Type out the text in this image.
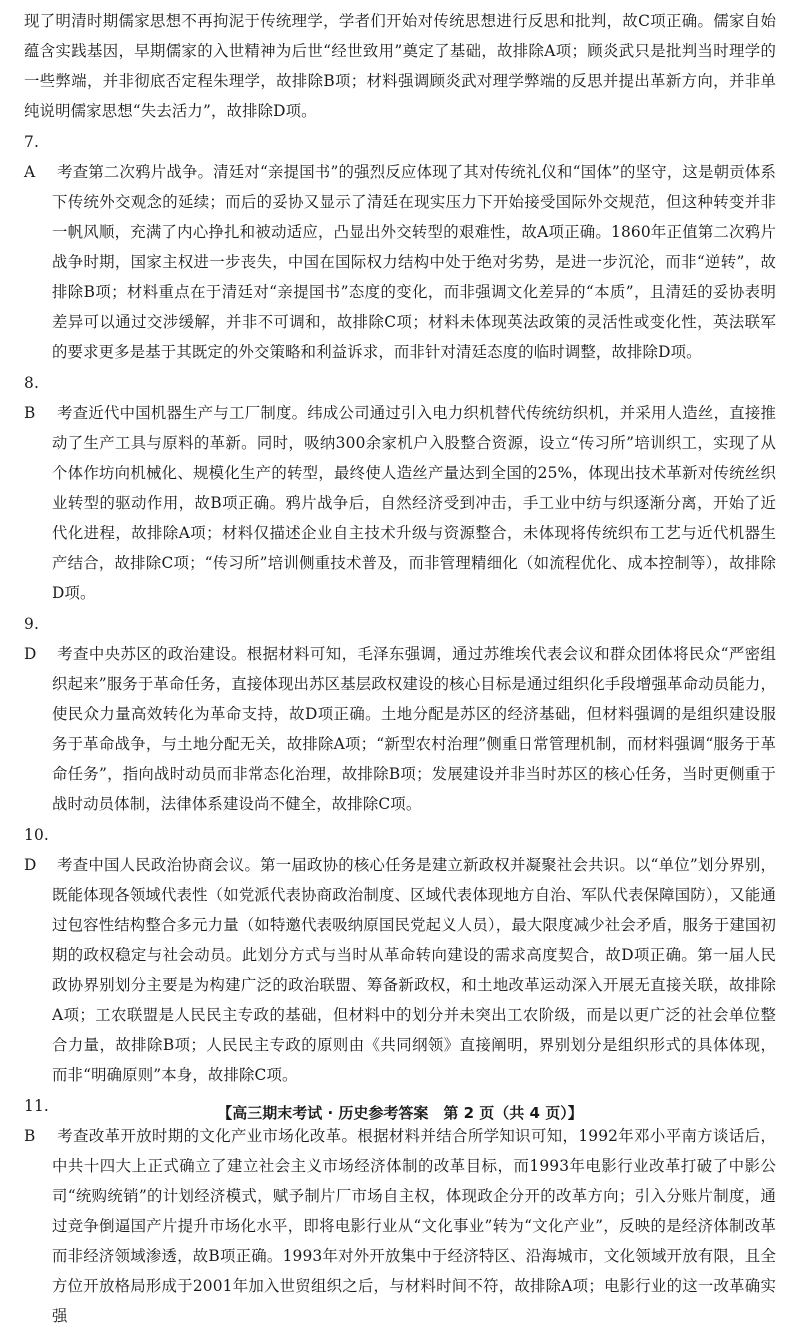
现了明清时期儒家思想不再拘泥于传统理学，学者们开始对传统思想进行反思和批判，故C项正确。儒家自始蕴含实践基因，早期儒家的入世精神为后世“经世致用”奠定了基础，故排除A项；顾炎武只是批判当时理学的一些弊端，并非彻底否定程朱理学，故排除B项；材料强调顾炎武对理学弊端的反思并提出革新方向，并非单纯说明儒家思想“失去活力”，故排除D项。

7. A 考查第二次鸦片战争。清廷对“亲提国书”的强烈反应体现了其对传统礼仪和“国体”的坚守，这是朝贡体系下传统外交观念的延续；而后的妥协又显示了清廷在现实压力下开始接受国际外交规范，但这种转变并非一帆风顺，充满了内心挣扎和被动适应，凸显出外交转型的艰难性，故A项正确。1860年正值第二次鸦片战争时期，国家主权进一步丧失，中国在国际权力结构中处于绝对劣势，是进一步沉沦，而非“逆转”，故排除B项；材料重点在于清廷对“亲提国书”态度的变化，而非强调文化差异的“本质”，且清廷的妥协表明差异可以通过交涉缓解，并非不可调和，故排除C项；材料未体现英法政策的灵活性或变化性，英法联军的要求更多是基于其既定的外交策略和利益诉求，而非针对清廷态度的临时调整，故排除D项。

8. B 考查近代中国机器生产与工厂制度。纬成公司通过引入电力织机替代传统纺织机，并采用人造丝，直接推动了生产工具与原料的革新。同时，吸纳300余家机户入股整合资源，设立“传习所”培训织工，实现了从个体作坊向机械化、规模化生产的转型，最终使人造丝产量达到全国的25%，体现出技术革新对传统丝织业转型的驱动作用，故B项正确。鸦片战争后，自然经济受到冲击，手工业中纺与织逐渐分离，开始了近代化进程，故排除A项；材料仅描述企业自主技术升级与资源整合，未体现将传统织布工艺与近代机器生产结合，故排除C项；“传习所”培训侧重技术普及，而非管理精细化（如流程优化、成本控制等），故排除D项。

9. D 考查中央苏区的政治建设。根据材料可知，毛泽东强调，通过苏维埃代表会议和群众团体将民众“严密组织起来”服务于革命任务，直接体现出苏区基层政权建设的核心目标是通过组织化手段增强革命动员能力，使民众力量高效转化为革命支持，故D项正确。土地分配是苏区的经济基础，但材料强调的是组织建设服务于革命战争，与土地分配无关，故排除A项；“新型农村治理”侧重日常管理机制，而材料强调“服务于革命任务”，指向战时动员而非常态化治理，故排除B项；发展建设并非当时苏区的核心任务，当时更侧重于战时动员体制，法律体系建设尚不健全，故排除C项。

10. D 考查中国人民政治协商会议。第一届政协的核心任务是建立新政权并凝聚社会共识。以“单位”划分界别，既能体现各领域代表性（如党派代表协商政治制度、区域代表体现地方自治、军队代表保障国防），又能通过包容性结构整合多元力量（如特邀代表吸纳原国民党起义人员），最大限度减少社会矛盾，服务于建国初期的政权稳定与社会动员。此划分方式与当时从革命转向建设的需求高度契合，故D项正确。第一届人民政协界别划分主要是为构建广泛的政治联盟、筹备新政权，和土地改革运动深入开展无直接关联，故排除A项；工农联盟是人民民主专政的基础，但材料中的划分并未突出工农阶级，而是以更广泛的社会单位整合力量，故排除B项；人民民主专政的原则由《共同纲领》直接阐明，界别划分是组织形式的具体体现，而非“明确原则”本身，故排除C项。

11. B 考查改革开放时期的文化产业市场化改革。根据材料并结合所学知识可知，1992年邓小平南方谈话后，中共十四大上正式确立了建立社会主义市场经济体制的改革目标，而1993年电影行业改革打破了中影公司“统购统销”的计划经济模式，赋予制片厂市场自主权，体现政企分开的改革方向；引入分账片制度，通过竞争倒逼国产片提升市场化水平，即将电影行业从“文化事业”转为“文化产业”，反映的是经济体制改革而非经济领域渗透，故B项正确。1993年对外开放集中于经济特区、沿海城市，文化领域开放有限，且全方位开放格局形成于2001年加入世贸组织之后，与材料时间不符，故排除A项；电影行业的这一改革确实强

【高三期末考试 · 历史参考答案　第 2 页（共 4 页）】
